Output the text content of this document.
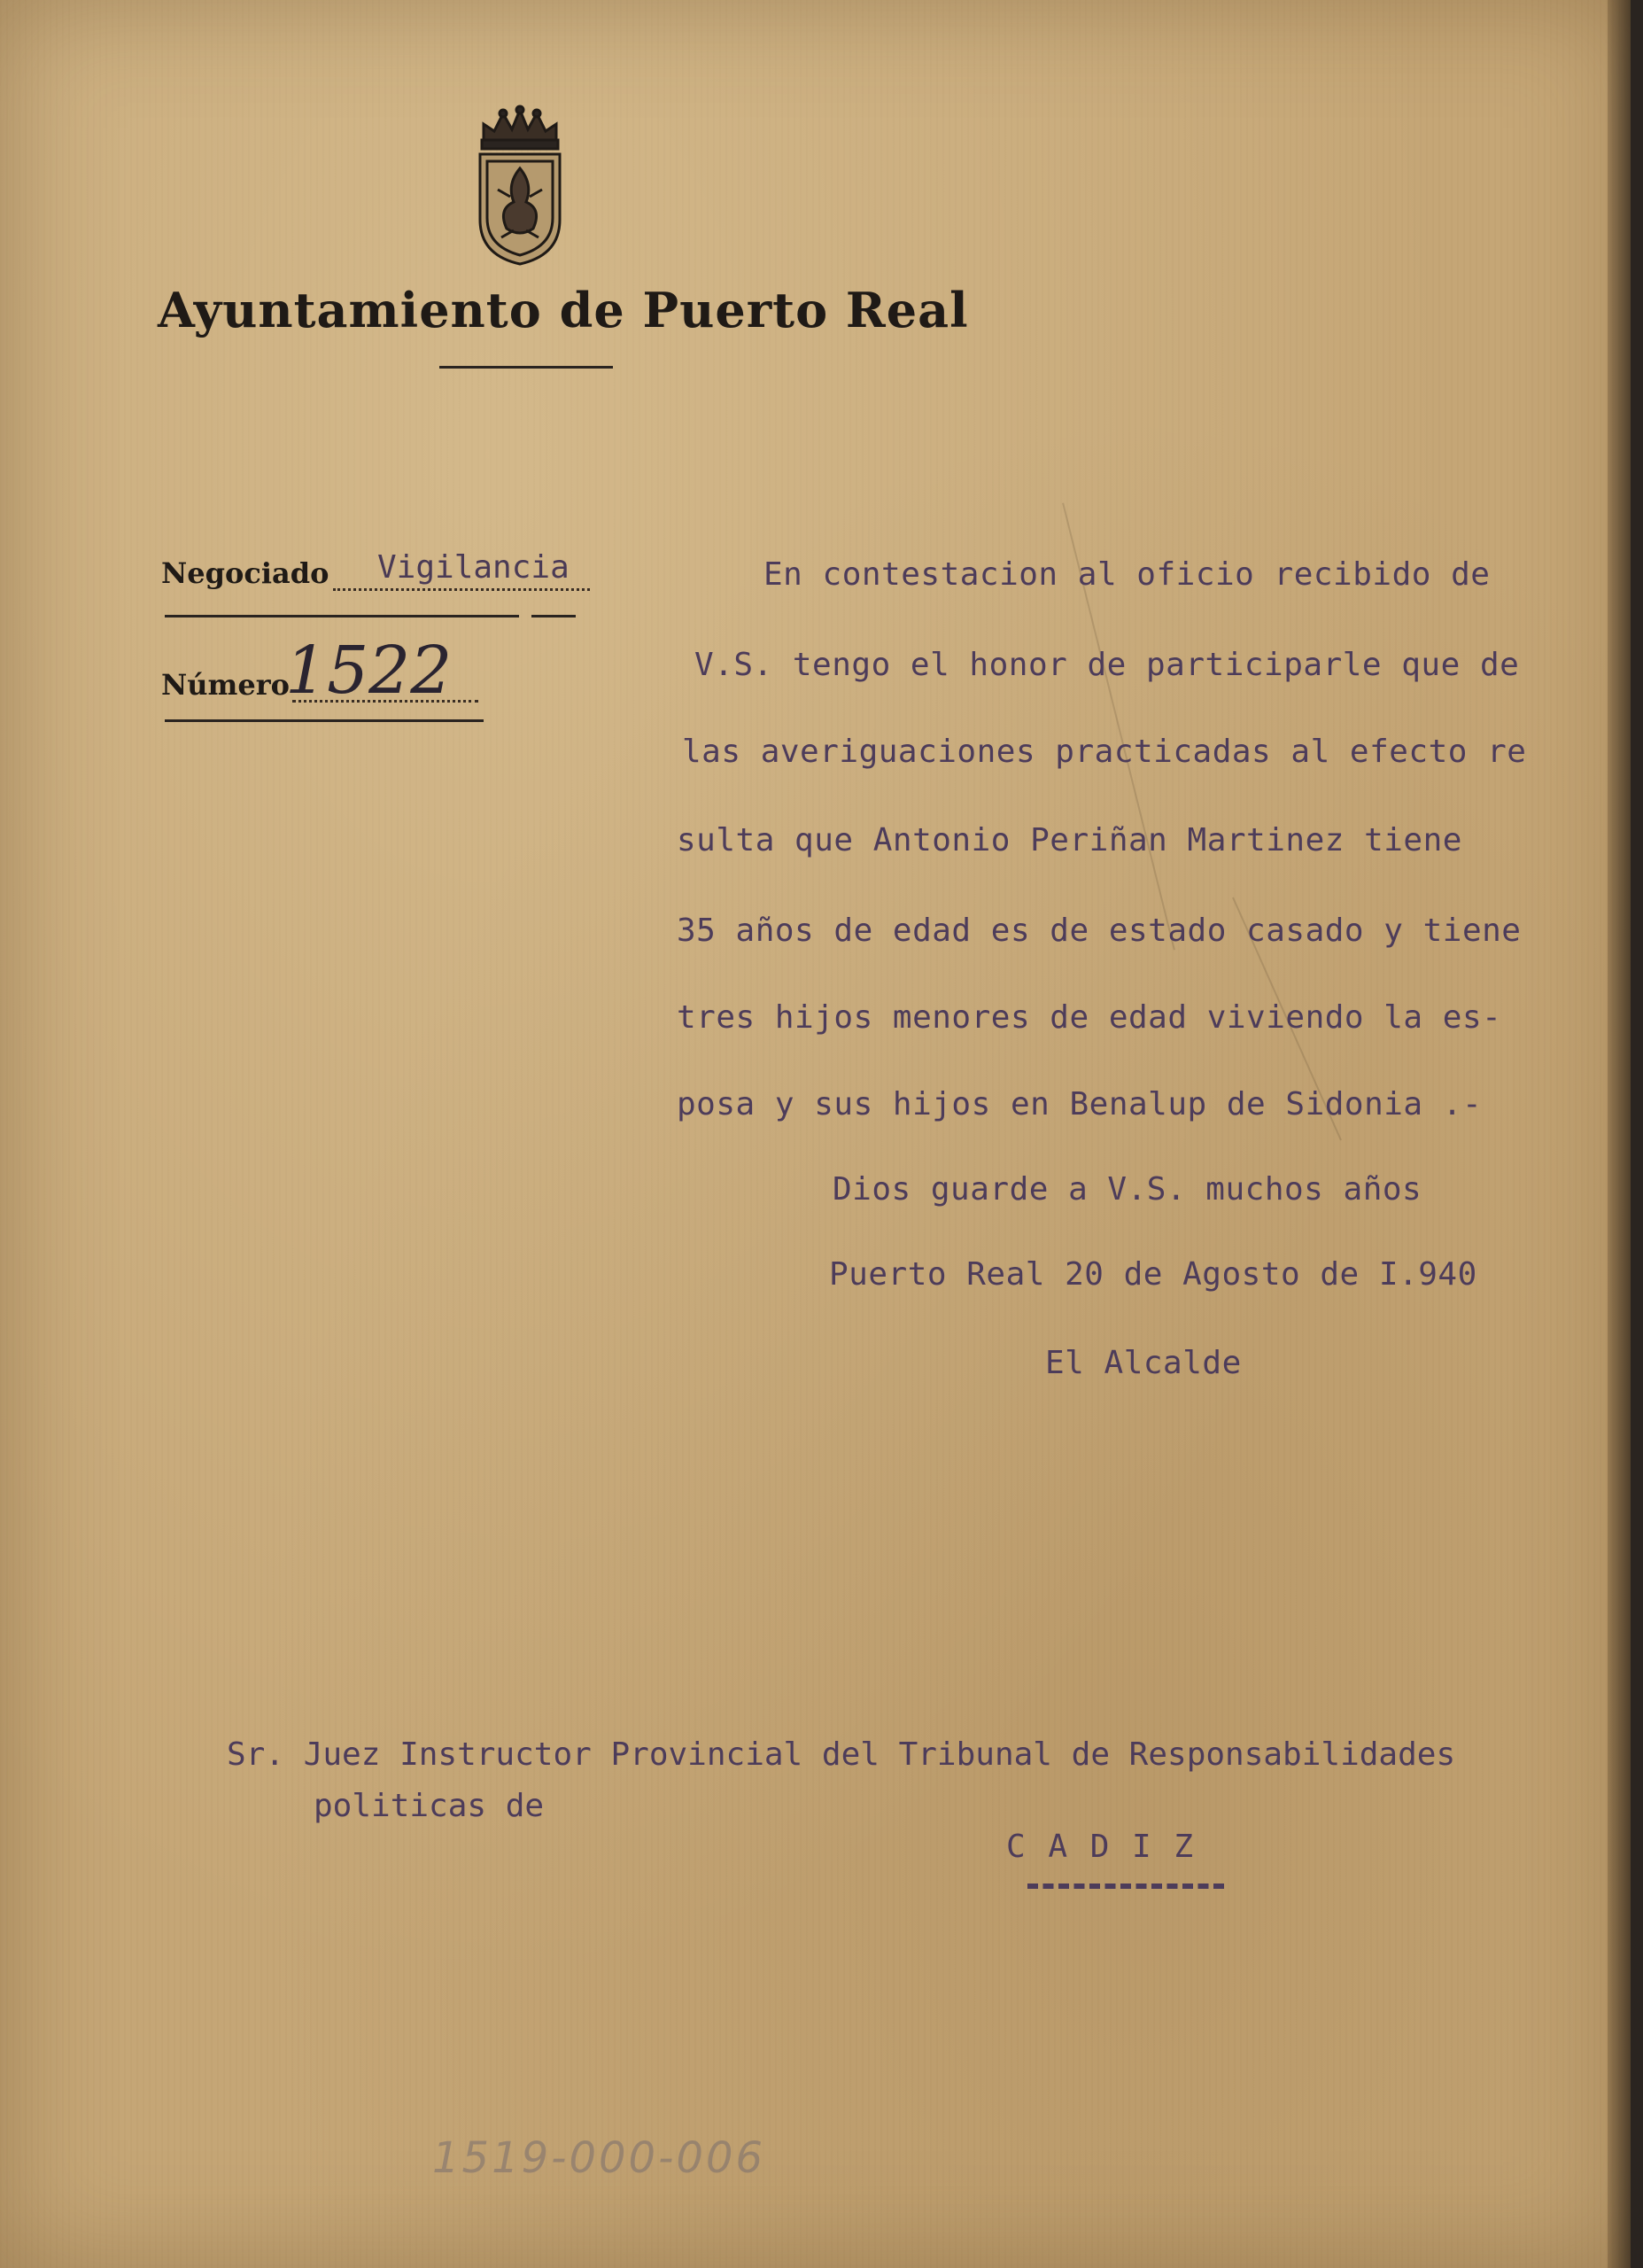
Ayuntamiento de Puerto Real
Negociado Vigilancia
Número
1522
En contestacion al oficio recibido de
V.S. tengo el honor de participarle que de
las averiguaciones practicadas al efecto re
sulta que Antonio Periñan Martinez tiene
35 años de edad es de estado casado y tiene
tres hijos menores de edad viviendo la es-
posa y sus hijos en Benalup de Sidonia .-
Dios guarde a V.S. muchos años
Puerto Real 20 de Agosto de I.940
El Alcalde
Sr. Juez Instructor Provincial del Tribunal de Responsabilidades
politicas de
C A D I Z
1519-000-006
